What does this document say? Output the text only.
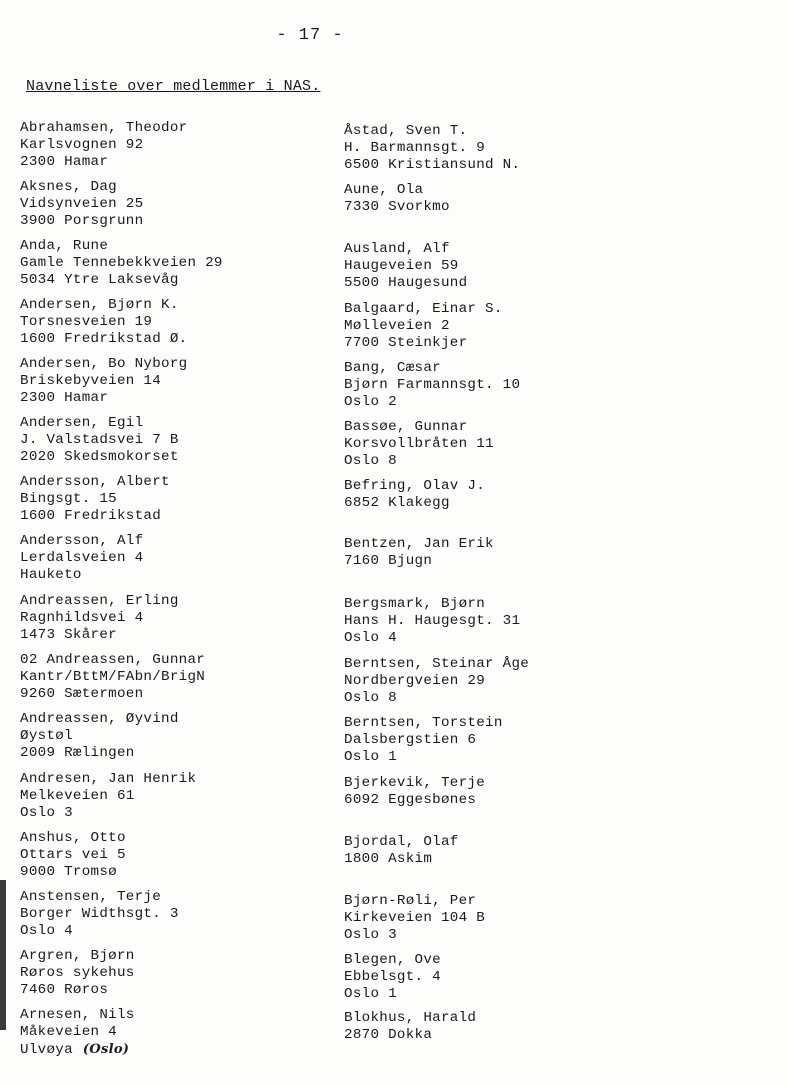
- 17 -
Navneliste over medlemmer i NAS.
Abrahamsen, Theodor
Karlsvognen 92
2300 Hamar
Aksnes, Dag
Vidsynveien 25
3900 Porsgrunn
Anda, Rune
Gamle Tennebekkveien 29
5034 Ytre Laksevåg
Andersen, Bjørn K.
Torsnesveien 19
1600 Fredrikstad Ø.
Andersen, Bo Nyborg
Briskebyveien 14
2300 Hamar
Andersen, Egil
J. Valstadsvei 7 B
2020 Skedsmokorset
Andersson, Albert
Bingsgt. 15
1600 Fredrikstad
Andersson, Alf
Lerdalsveien 4
Hauketo
Andreassen, Erling
Ragnhildsvei 4
1473 Skårer
02 Andreassen, Gunnar
Kantr/BttM/FAbn/BrigN
9260 Sætermoen
Andreassen, Øyvind
Øystøl
2009 Rælingen
Andresen, Jan Henrik
Melkeveien 61
Oslo 3
Anshus, Otto
Ottars vei 5
9000 Tromsø
Anstensen, Terje
Borger Widthsgt. 3
Oslo 4
Argren, Bjørn
Røros sykehus
7460 Røros
Arnesen, Nils
Måkeveien 4
Ulvøya (Oslo)
Åstad, Sven T.
H. Barmannsgt. 9
6500 Kristiansund N.
Aune, Ola
7330 Svorkmo
Ausland, Alf
Haugeveien 59
5500 Haugesund
Balgaard, Einar S.
Mølleveien 2
7700 Steinkjer
Bang, Cæsar
Bjørn Farmannsgt. 10
Oslo 2
Bassøe, Gunnar
Korsvollbråten 11
Oslo 8
Befring, Olav J.
6852 Klakegg
Bentzen, Jan Erik
7160 Bjugn
Bergsmark, Bjørn
Hans H. Haugesgt. 31
Oslo 4
Berntsen, Steinar Åge
Nordbergveien 29
Oslo 8
Berntsen, Torstein
Dalsbergstien 6
Oslo 1
Bjerkevik, Terje
6092 Eggesbønes
Bjordal, Olaf
1800 Askim
Bjørn-Røli, Per
Kirkeveien 104 B
Oslo 3
Blegen, Ove
Ebbelsgt. 4
Oslo 1
Blokhus, Harald
2870 Dokka
